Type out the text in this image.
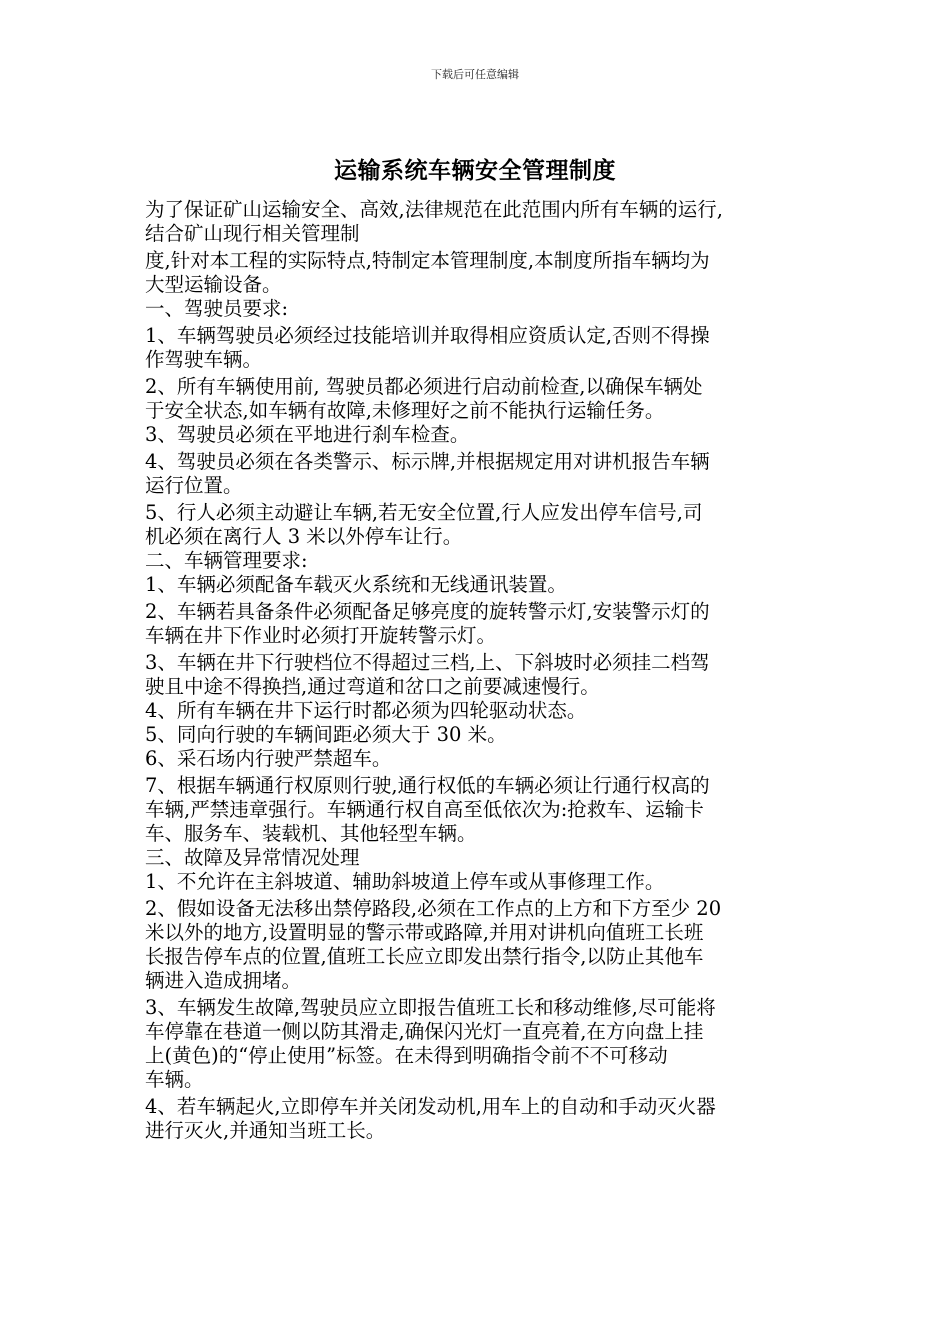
下载后可任意编辑
运输系统车辆安全管理制度
为了保证矿山运输安全、高效,法律规范在此范围内所有车辆的运行,
结合矿山现行相关管理制
度,针对本工程的实际特点,特制定本管理制度,本制度所指车辆均为
大型运输设备。
一、驾驶员要求:
1、车辆驾驶员必须经过技能培训并取得相应资质认定,否则不得操
作驾驶车辆。
2、所有车辆使用前, 驾驶员都必须进行启动前检查,以确保车辆处
于安全状态,如车辆有故障,未修理好之前不能执行运输任务。
3、驾驶员必须在平地进行刹车检查。
4、驾驶员必须在各类警示、标示牌,并根据规定用对讲机报告车辆
运行位置。
5、行人必须主动避让车辆,若无安全位置,行人应发出停车信号,司
机必须在离行人 3 米以外停车让行。
二、车辆管理要求:
1、车辆必须配备车载灭火系统和无线通讯装置。
2、车辆若具备条件必须配备足够亮度的旋转警示灯,安装警示灯的
车辆在井下作业时必须打开旋转警示灯。
3、车辆在井下行驶档位不得超过三档,上、下斜坡时必须挂二档驾
驶且中途不得换挡,通过弯道和岔口之前要减速慢行。
4、所有车辆在井下运行时都必须为四轮驱动状态。
5、同向行驶的车辆间距必须大于 30 米。
6、采石场内行驶严禁超车。
7、根据车辆通行权原则行驶,通行权低的车辆必须让行通行权高的
车辆,严禁违章强行。车辆通行权自高至低依次为:抢救车、运输卡
车、服务车、装载机、其他轻型车辆。
三、故障及异常情况处理
1、不允许在主斜坡道、辅助斜坡道上停车或从事修理工作。
2、假如设备无法移出禁停路段,必须在工作点的上方和下方至少 20
米以外的地方,设置明显的警示带或路障,并用对讲机向值班工长班
长报告停车点的位置,值班工长应立即发出禁行指令,以防止其他车
辆进入造成拥堵。
3、车辆发生故障,驾驶员应立即报告值班工长和移动维修,尽可能将
车停靠在巷道一侧以防其滑走,确保闪光灯一直亮着,在方向盘上挂
上(黄色)的“停止使用”标签。在未得到明确指令前不不可移动
车辆。
4、若车辆起火,立即停车并关闭发动机,用车上的自动和手动灭火器
进行灭火,并通知当班工长。
